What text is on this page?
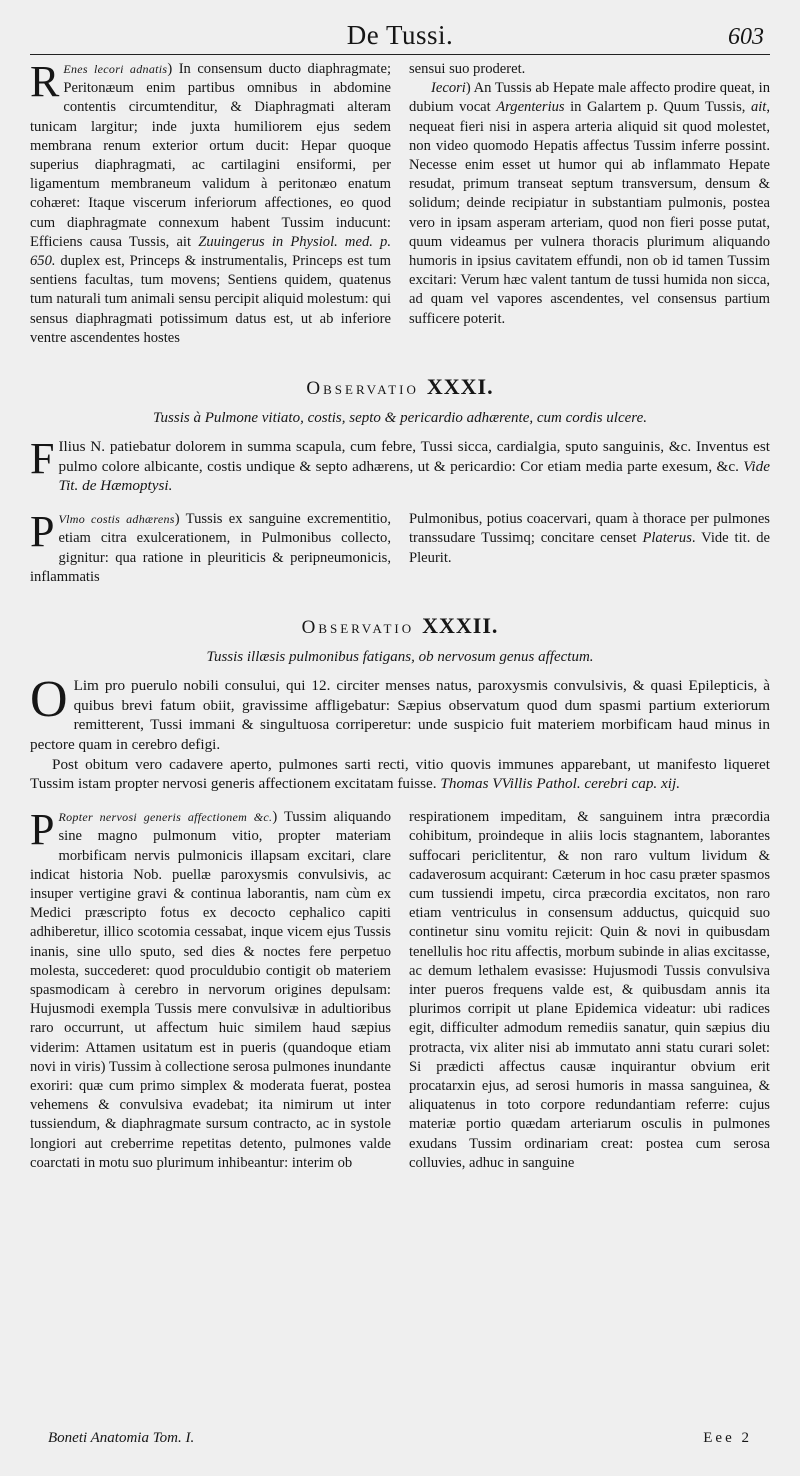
De Tussi.	603

R Enes lecori adnatis) In consensum ducto diaphragmate; Peritonæum enim partibus omnibus in abdomine contentis circumtenditur, & Diaphragmati alteram tunicam largitur; inde juxta humiliorem ejus sedem membrana renum exterior ortum ducit: Hepar quoque superius diaphragmati, ac cartilagini ensiformi, per ligamentum membraneum validum à peritonæo enatum cohæret: Itaque viscerum inferiorum affectiones, eo quod cum diaphragmate connexum habent Tussim inducunt: Efficiens causa Tussis, ait Zuuingerus in Physiol. med. p. 650. duplex est, Princeps & instrumentalis, Princeps est tum sentiens facultas, tum movens; Sentiens quidem, quatenus tum naturali tum animali sensu percipit aliquid molestum: qui sensus diaphragmati potissimum datus est, ut ab inferiore ventre ascendentes hostes

sensui suo proderet.
Iecori) An Tussis ab Hepate male affecto prodire queat, in dubium vocat Argenterius in Galartem p. Quum Tussis, ait, nequeat fieri nisi in aspera arteria aliquid sit quod molestet, non video quomodo Hepatis affectus Tussim inferre possint. Necesse enim esset ut humor qui ab inflammato Hepate resudat, primum transeat septum transversum, densum & solidum; deinde recipiatur in substantiam pulmonis, postea vero in ipsam asperam arteriam, quod non fieri posse putat, quum videamus per vulnera thoracis plurimum aliquando humoris in ipsius cavitatem effundi, non ob id tamen Tussim excitari: Verum hæc valent tantum de tussi humida non sicca, ad quam vel vapores ascendentes, vel consensus partium sufficere poterit.

Observatio XXXI.
Tussis à Pulmone vitiato, costis, septo & pericardio adhærente, cum cordis ulcere.

F Ilius N. patiebatur dolorem in summa scapula, cum febre, Tussi sicca, cardialgia, sputo sanguinis, &c. Inventus est pulmo colore albicante, costis undique & septo adhærens, ut & pericardio: Cor etiam media parte exesum, &c. Vide Tit. de Hæmoptysi.

P Vlmo costis adhærens) Tussis ex sanguine excrementitio, etiam citra exulcerationem, in Pulmonibus collecto, gignitur: qua ratione in pleuriticis & peripneumonicis, inflammatis

Pulmonibus, potius coacervari, quam à thorace per pulmones transsudare Tussimq; concitare censet Platerus. Vide tit. de Pleurit.

Observatio XXXII.
Tussis illæsis pulmonibus fatigans, ob nervosum genus affectum.

O Lim pro puerulo nobili consului, qui 12. circiter menses natus, paroxysmis convulsivis, & quasi Epilepticis, à quibus brevi fatum obiit, gravissime affligebatur: Sæpius observatum quod dum spasmi partium exteriorum remitterent, Tussi immani & singultuosa corriperetur: unde suspicio fuit materiem morbificam haud minus in pectore quam in cerebro defigi.

Post obitum vero cadavere aperto, pulmones sarti recti, vitio quovis immunes apparebant, ut manifesto liqueret Tussim istam propter nervosi generis affectionem excitatam fuisse. Thomas VVillis Pathol. cerebri cap. xij.

P Ropter nervosi generis affectionem &c.) Tussim aliquando sine magno pulmonum vitio, propter materiam morbificam nervis pulmonicis illapsam excitari, clare indicat historia Nob. puellæ paroxysmis convulsivis, ac insuper vertigine gravi & continua laborantis, nam cùm ex Medici præscripto fotus ex decocto cephalico capiti adhiberetur, illico scotomia cessabat, inque vicem ejus Tussis inanis, sine ullo sputo, sed dies & noctes fere perpetuo molesta, succederet: quod proculdubio contigit ob materiem spasmodicam à cerebro in nervorum origines depulsam: Hujusmodi exempla Tussis mere convulsivæ in adultioribus raro occurrunt, ut affectum huic similem haud sæpius viderim: Attamen usitatum est in pueris (quandoque etiam novi in viris) Tussim à collectione serosa pulmones inundante exoriri: quæ cum primo simplex & moderata fuerat, postea vehemens & convulsiva evadebat; ita nimirum ut inter tussiendum, & diaphragmate sursum contracto, ac in systole longiori aut creberrime repetitas detento, pulmones valde coarctati in motu suo plurimum inhibeantur: interim ob

respirationem impeditam, & sanguinem intra præcordia cohibitum, proindeque in aliis locis stagnantem, laborantes suffocari periclitentur, & non raro vultum lividum & cadaverosum acquirant: Cæterum in hoc casu præter spasmos cum tussiendi impetu, circa præcordia excitatos, non raro etiam ventriculus in consensum adductus, quicquid suo continetur sinu vomitu rejicit: Quin & novi in quibusdam tenellulis hoc ritu affectis, morbum subinde in alias excitasse, ac demum lethalem evasisse: Hujusmodi Tussis convulsiva inter pueros frequens valde est, & quibusdam annis ita plurimos corripit ut plane Epidemica videatur: ubi radices egit, difficulter admodum remediis sanatur, quin sæpius diu protracta, vix aliter nisi ab immutato anni statu curari solet: Si prædicti affectus causæ inquirantur obvium erit procatarxin ejus, ad serosi humoris in massa sanguinea, & aliquatenus in toto corpore redundantiam referre: cujus materiæ portio quædam arteriarum osculis in pulmones exudans Tussim ordinariam creat: postea cum serosa colluvies, adhuc in sanguine

Boneti Anatomia Tom. I.	Eee 2
